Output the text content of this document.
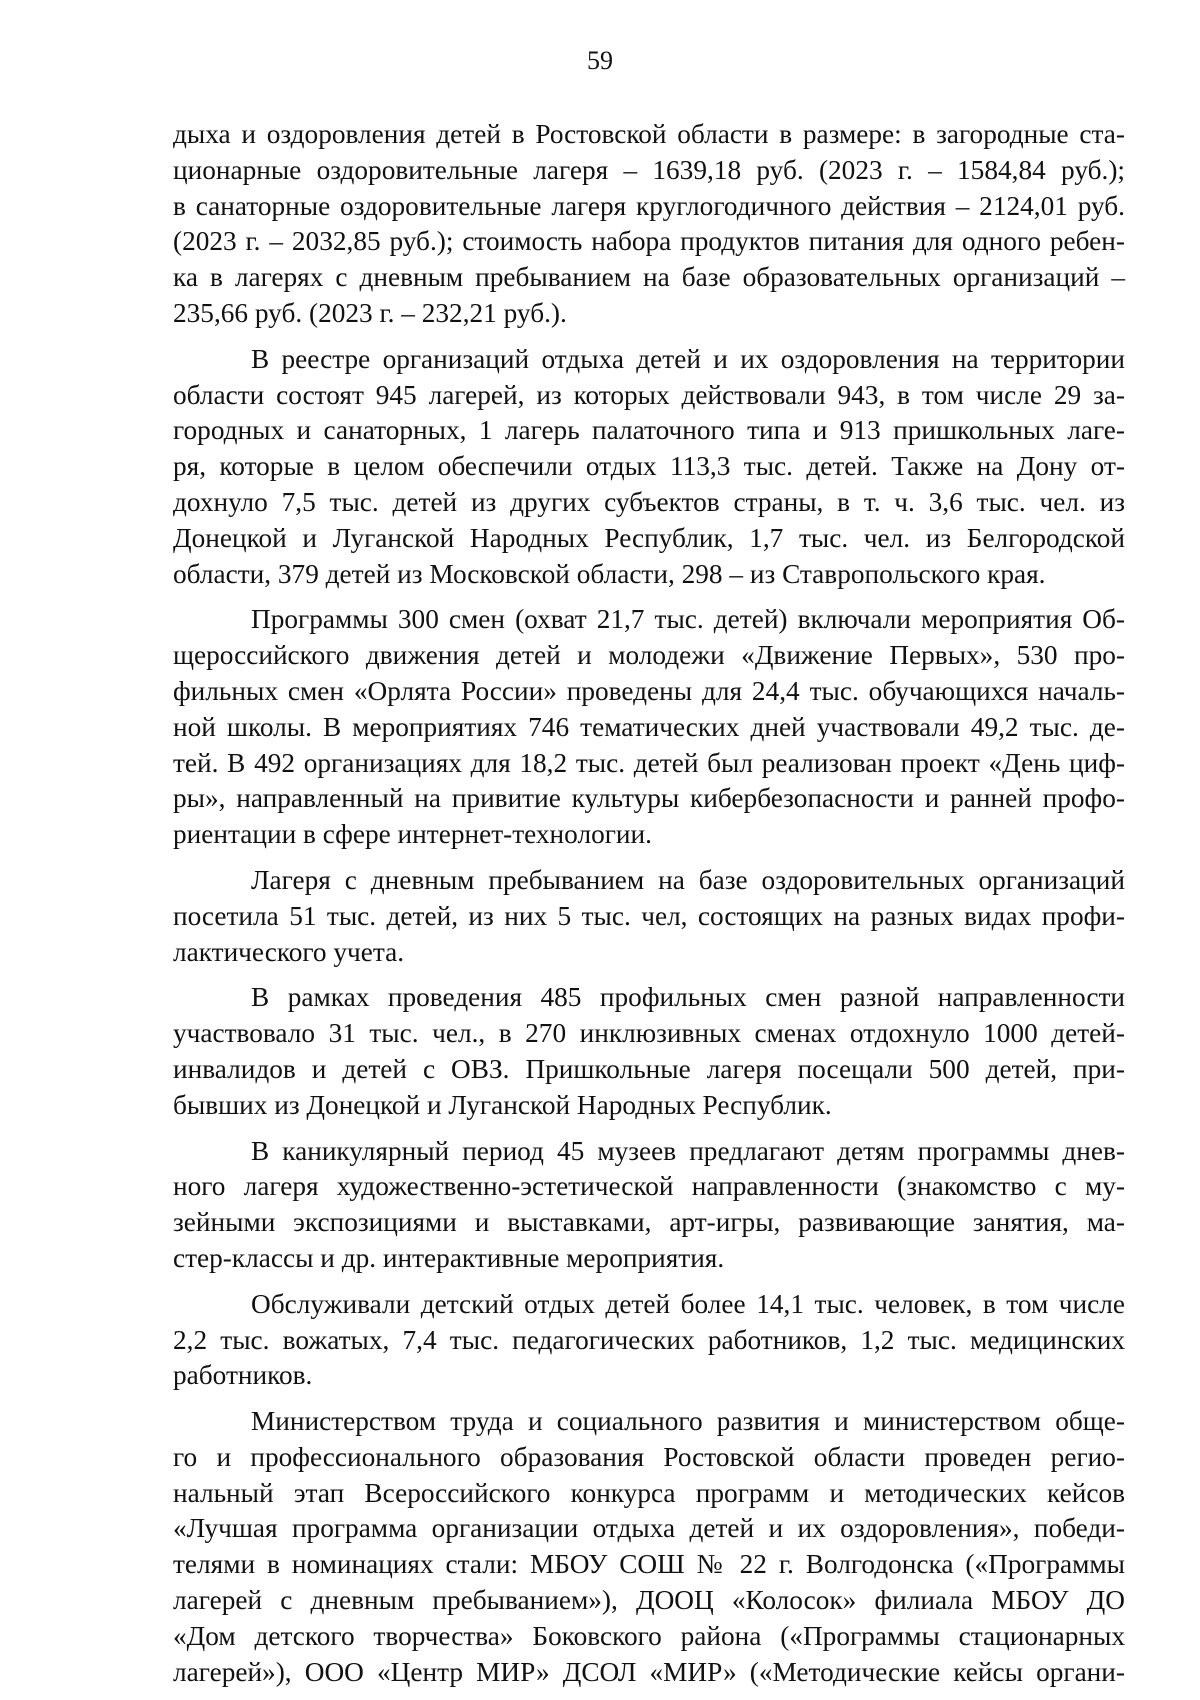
59
дыха и оздоровления детей в Ростовской области в размере: в загородные ста-
ционарные оздоровительные лагеря – 1639,18 руб. (2023 г. – 1584,84 руб.);
в санаторные оздоровительные лагеря круглогодичного действия – 2124,01 руб.
(2023 г. – 2032,85 руб.); стоимость набора продуктов питания для одного ребен-
ка в лагерях с дневным пребыванием на базе образовательных организаций –
235,66 руб. (2023 г. – 232,21 руб.).
В реестре организаций отдыха детей и их оздоровления на территории
области состоят 945 лагерей, из которых действовали 943, в том числе 29 за-
городных и санаторных, 1 лагерь палаточного типа и 913 пришкольных лаге-
ря, которые в целом обеспечили отдых 113,3 тыс. детей. Также на Дону от-
дохнуло 7,5 тыс. детей из других субъектов страны, в т. ч. 3,6 тыс. чел. из
Донецкой и Луганской Народных Республик, 1,7 тыс. чел. из Белгородской
области, 379 детей из Московской области, 298 – из Ставропольского края.
Программы 300 смен (охват 21,7 тыс. детей) включали мероприятия Об-
щероссийского движения детей и молодежи «Движение Первых», 530 про-
фильных смен «Орлята России» проведены для 24,4 тыс. обучающихся началь-
ной школы. В мероприятиях 746 тематических дней участвовали 49,2 тыс. де-
тей. В 492 организациях для 18,2 тыс. детей был реализован проект «День циф-
ры», направленный на привитие культуры кибербезопасности и ранней профо-
риентации в сфере интернет-технологии.
Лагеря с дневным пребыванием на базе оздоровительных организаций
посетила 51 тыс. детей, из них 5 тыс. чел, состоящих на разных видах профи-
лактического учета.
В рамках проведения 485 профильных смен разной направленности
участвовало 31 тыс. чел., в 270 инклюзивных сменах отдохнуло 1000 детей-
инвалидов и детей с ОВЗ. Пришкольные лагеря посещали 500 детей, при-
бывших из Донецкой и Луганской Народных Республик.
В каникулярный период 45 музеев предлагают детям программы днев-
ного лагеря художественно-эстетической направленности (знакомство с му-
зейными экспозициями и выставками, арт-игры, развивающие занятия, ма-
стер-классы и др. интерактивные мероприятия.
Обслуживали детский отдых детей более 14,1 тыс. человек, в том числе
2,2 тыс. вожатых, 7,4 тыс. педагогических работников, 1,2 тыс. медицинских
работников.
Министерством труда и социального развития и министерством обще-
го и профессионального образования Ростовской области проведен регио-
нальный этап Всероссийского конкурса программ и методических кейсов
«Лучшая программа организации отдыха детей и их оздоровления», победи-
телями в номинациях стали: МБОУ СОШ № 22 г. Волгодонска («Программы
лагерей с дневным пребыванием»), ДООЦ «Колосок» филиала МБОУ ДО
«Дом детского творчества» Боковского района («Программы стационарных
лагерей»), ООО «Центр МИР» ДСОЛ «МИР» («Методические кейсы органи-
